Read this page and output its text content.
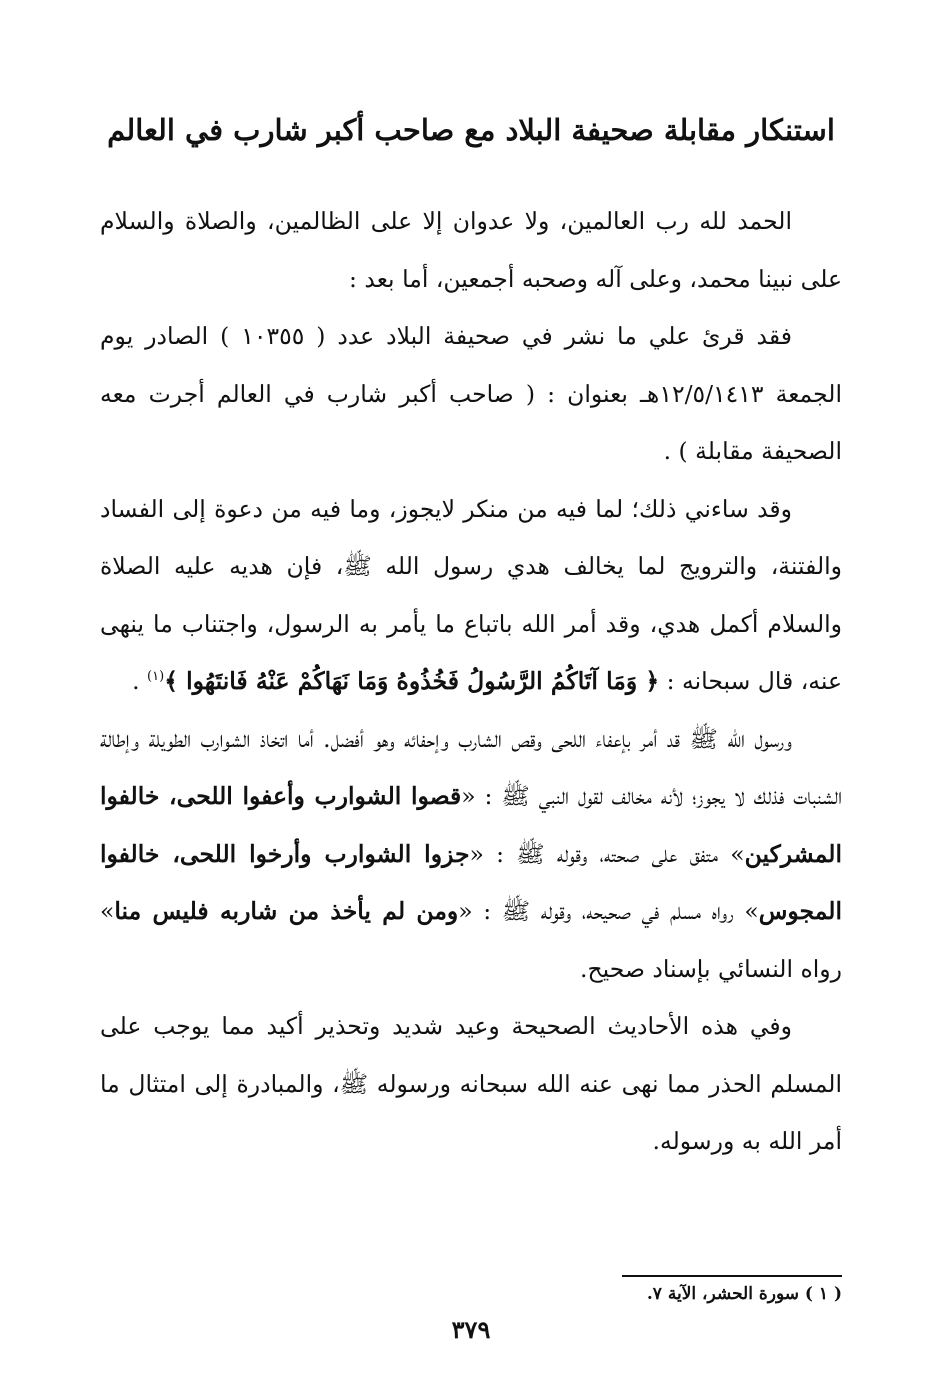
استنكار مقابلة صحيفة البلاد مع صاحب أكبر شارب في العالم

الحمد لله رب العالمين، ولا عدوان إلا على الظالمين، والصلاة والسلام على نبينا محمد، وعلى آله وصحبه أجمعين، أما بعد :

فقد قرئ علي ما نشر في صحيفة البلاد عدد ( ١٠٣٥٥ ) الصادر يوم الجمعة ١٢/٥/١٤١٣هـ بعنوان : ( صاحب أكبر شارب في العالم أجرت معه الصحيفة مقابلة ) .

وقد ساءني ذلك؛ لما فيه من منكر لايجوز، وما فيه من دعوة إلى الفساد والفتنة، والترويج لما يخالف هدي رسول الله ﷺ، فإن هديه عليه الصلاة والسلام أكمل هدي، وقد أمر الله باتباع ما يأمر به الرسول، واجتناب ما ينهى عنه، قال سبحانه : ﴿ وَمَا آتَاكُمُ الرَّسُولُ فَخُذُوهُ وَمَا نَهَاكُمْ عَنْهُ فَانتَهُوا ﴾$^{(١)}$ .

ورسول الله ﷺ قد أمر بإعفاء اللحى وقص الشارب وإحفائه وهو أفضل. أما اتخاذ الشوارب الطويلة وإطالة الشنبات فذلك لا يجوز؛ لأنه مخالف لقول النبي ﷺ : «قصوا الشوارب وأعفوا اللحى، خالفوا المشركين» متفق على صحته، وقوله ﷺ : «جزوا الشوارب وأرخوا اللحى، خالفوا المجوس» رواه مسلم في صحيحه، وقوله ﷺ : «ومن لم يأخذ من شاربه فليس منا» رواه النسائي بإسناد صحيح.

وفي هذه الأحاديث الصحيحة وعيد شديد وتحذير أكيد مما يوجب على المسلم الحذر مما نهى عنه الله سبحانه ورسوله ﷺ، والمبادرة إلى امتثال ما أمر الله به ورسوله.

( ١ ) سورة الحشر، الآية ٧.
٣٧٩
